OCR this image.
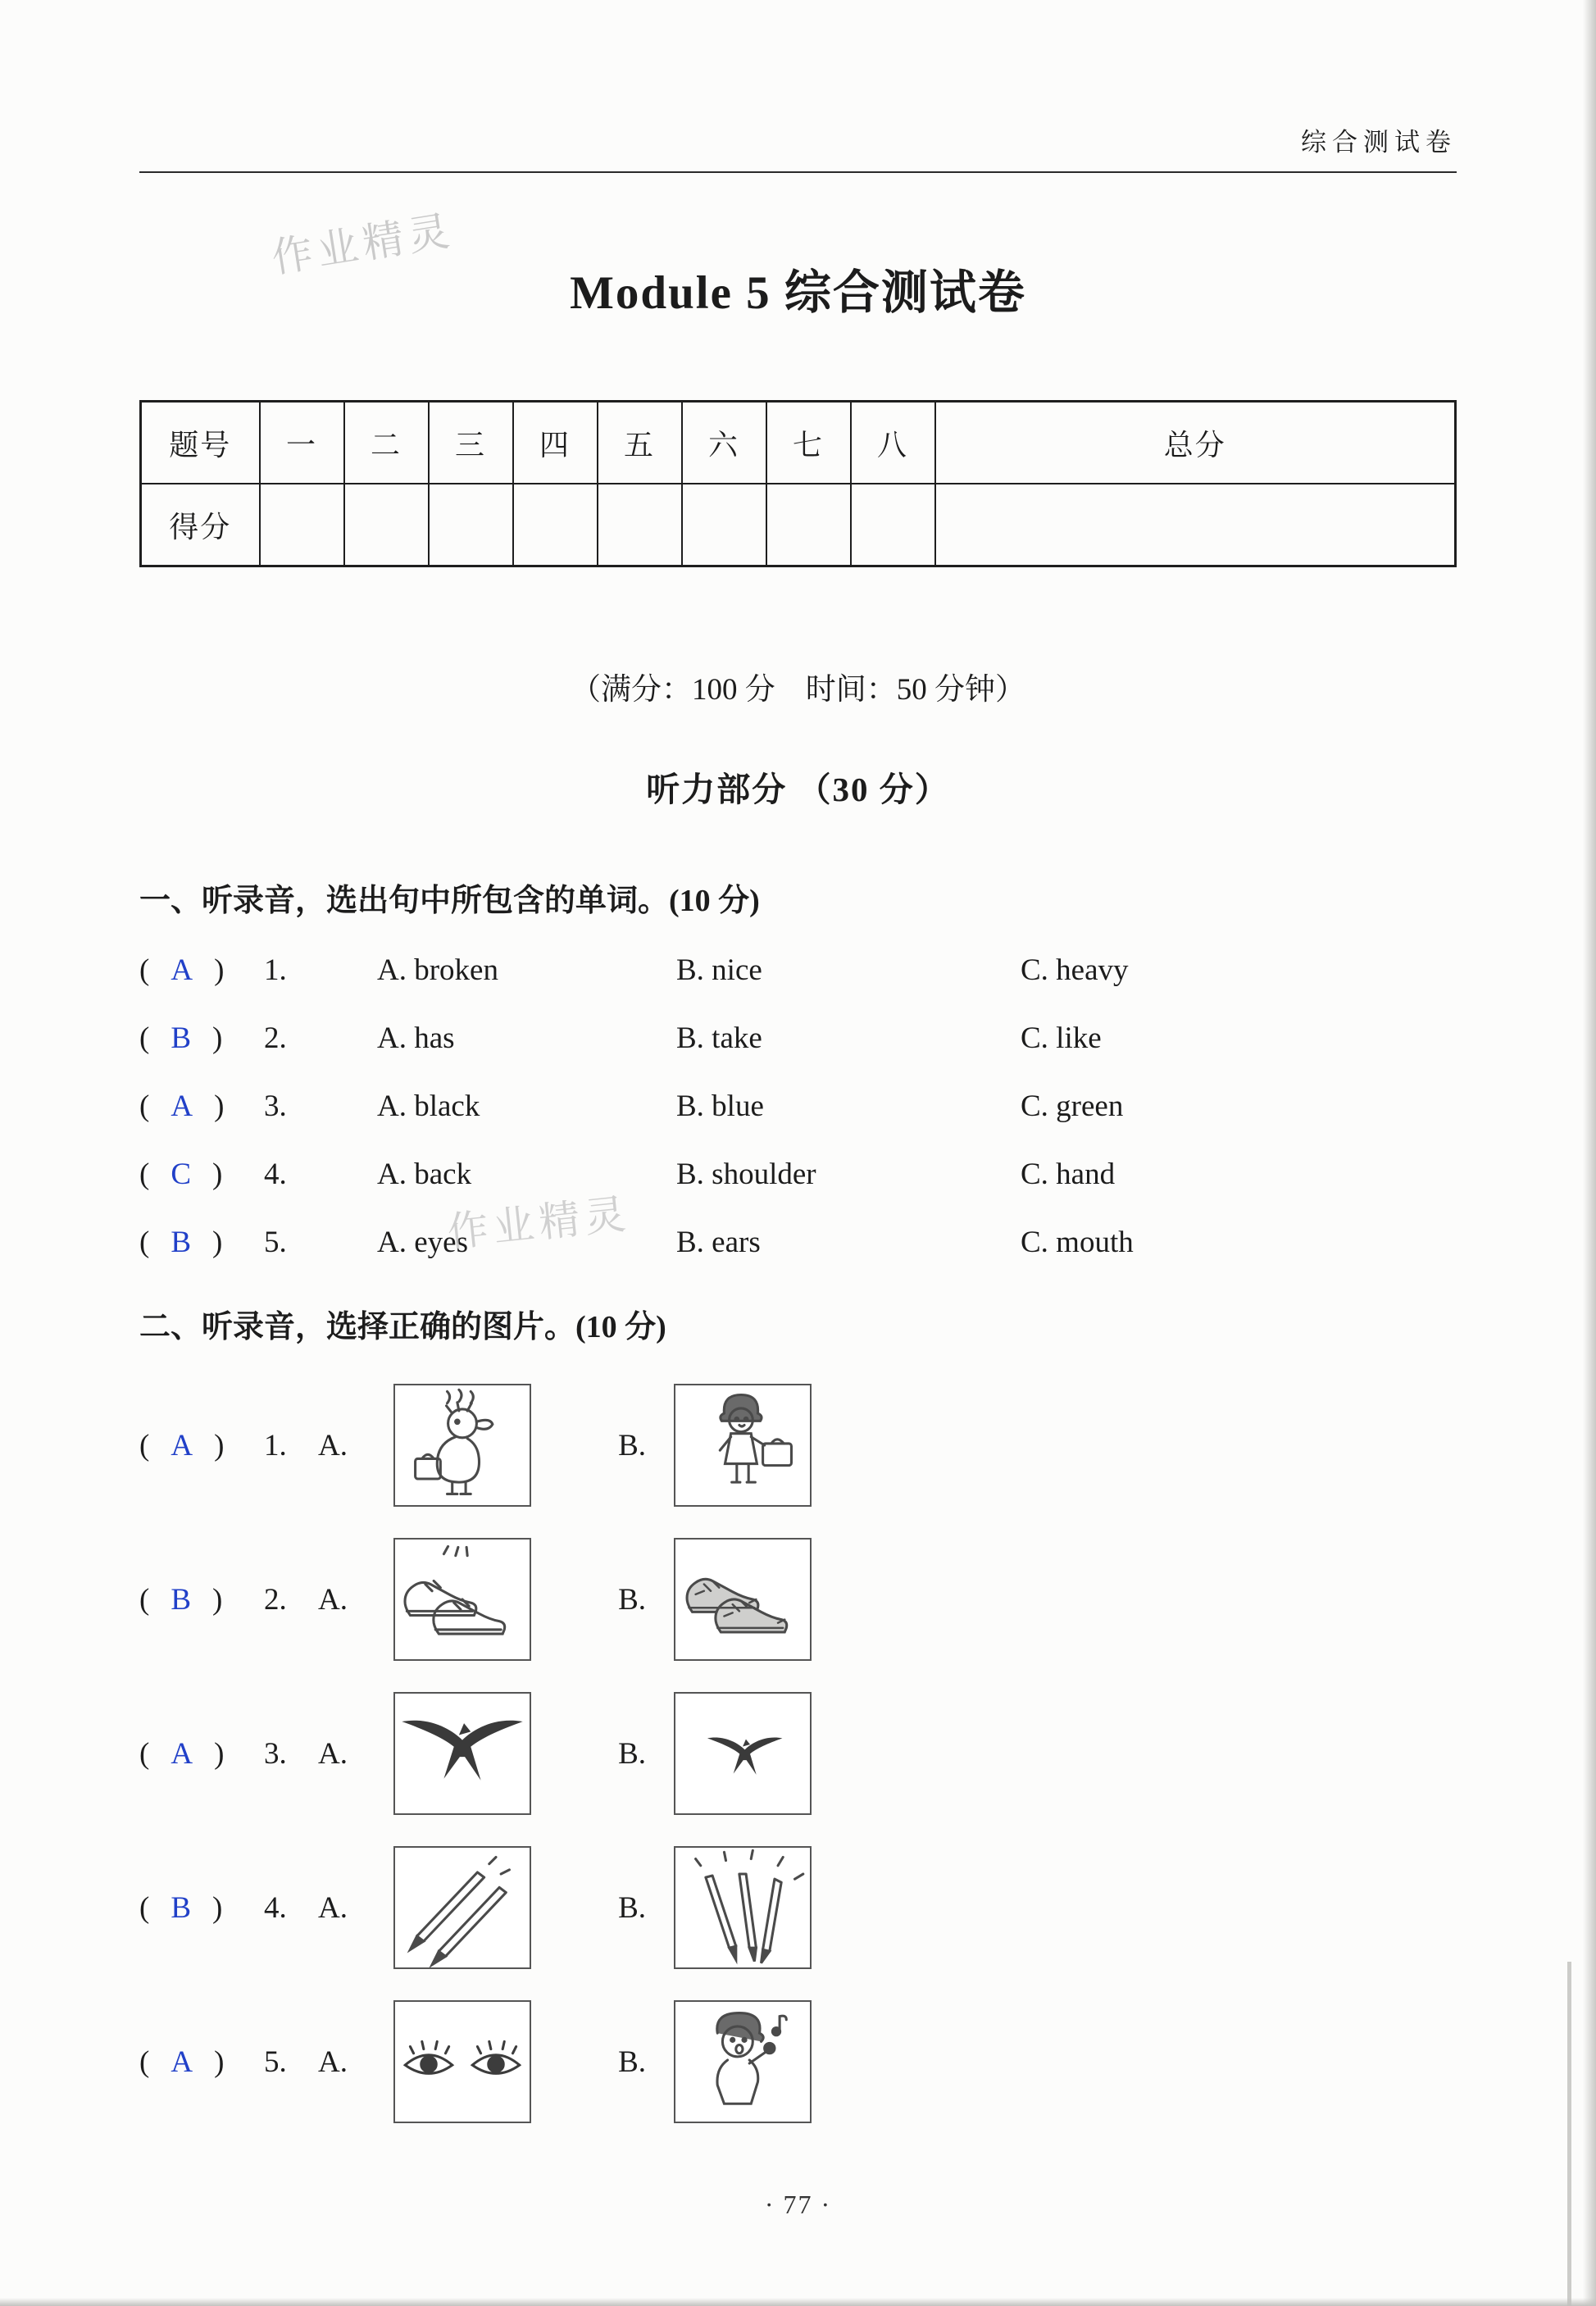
作业精灵
作业精灵
综合测试卷
Module 5 综合测试卷
题号	一	二	三	四	五	六	七	八	总分
得分									
（满分：100 分　时间：50 分钟）
听力部分 （30 分）
一、听录音，选出句中所包含的单词。(10 分)
( A ) 1.	A. broken	B. nice	C. heavy
( B ) 2.	A. has	B. take	C. like
( A ) 3.	A. black	B. blue	C. green
( C ) 4.	A. back	B. shoulder	C. hand
( B ) 5.	A. eyes	B. ears	C. mouth
二、听录音，选择正确的图片。(10 分)
( A ) 1.	A.	B.
( B ) 2.	A.	B.
( A ) 3.	A.	B.
( B ) 4.	A.	B.
( A ) 5.	A.	B.
· 77 ·
